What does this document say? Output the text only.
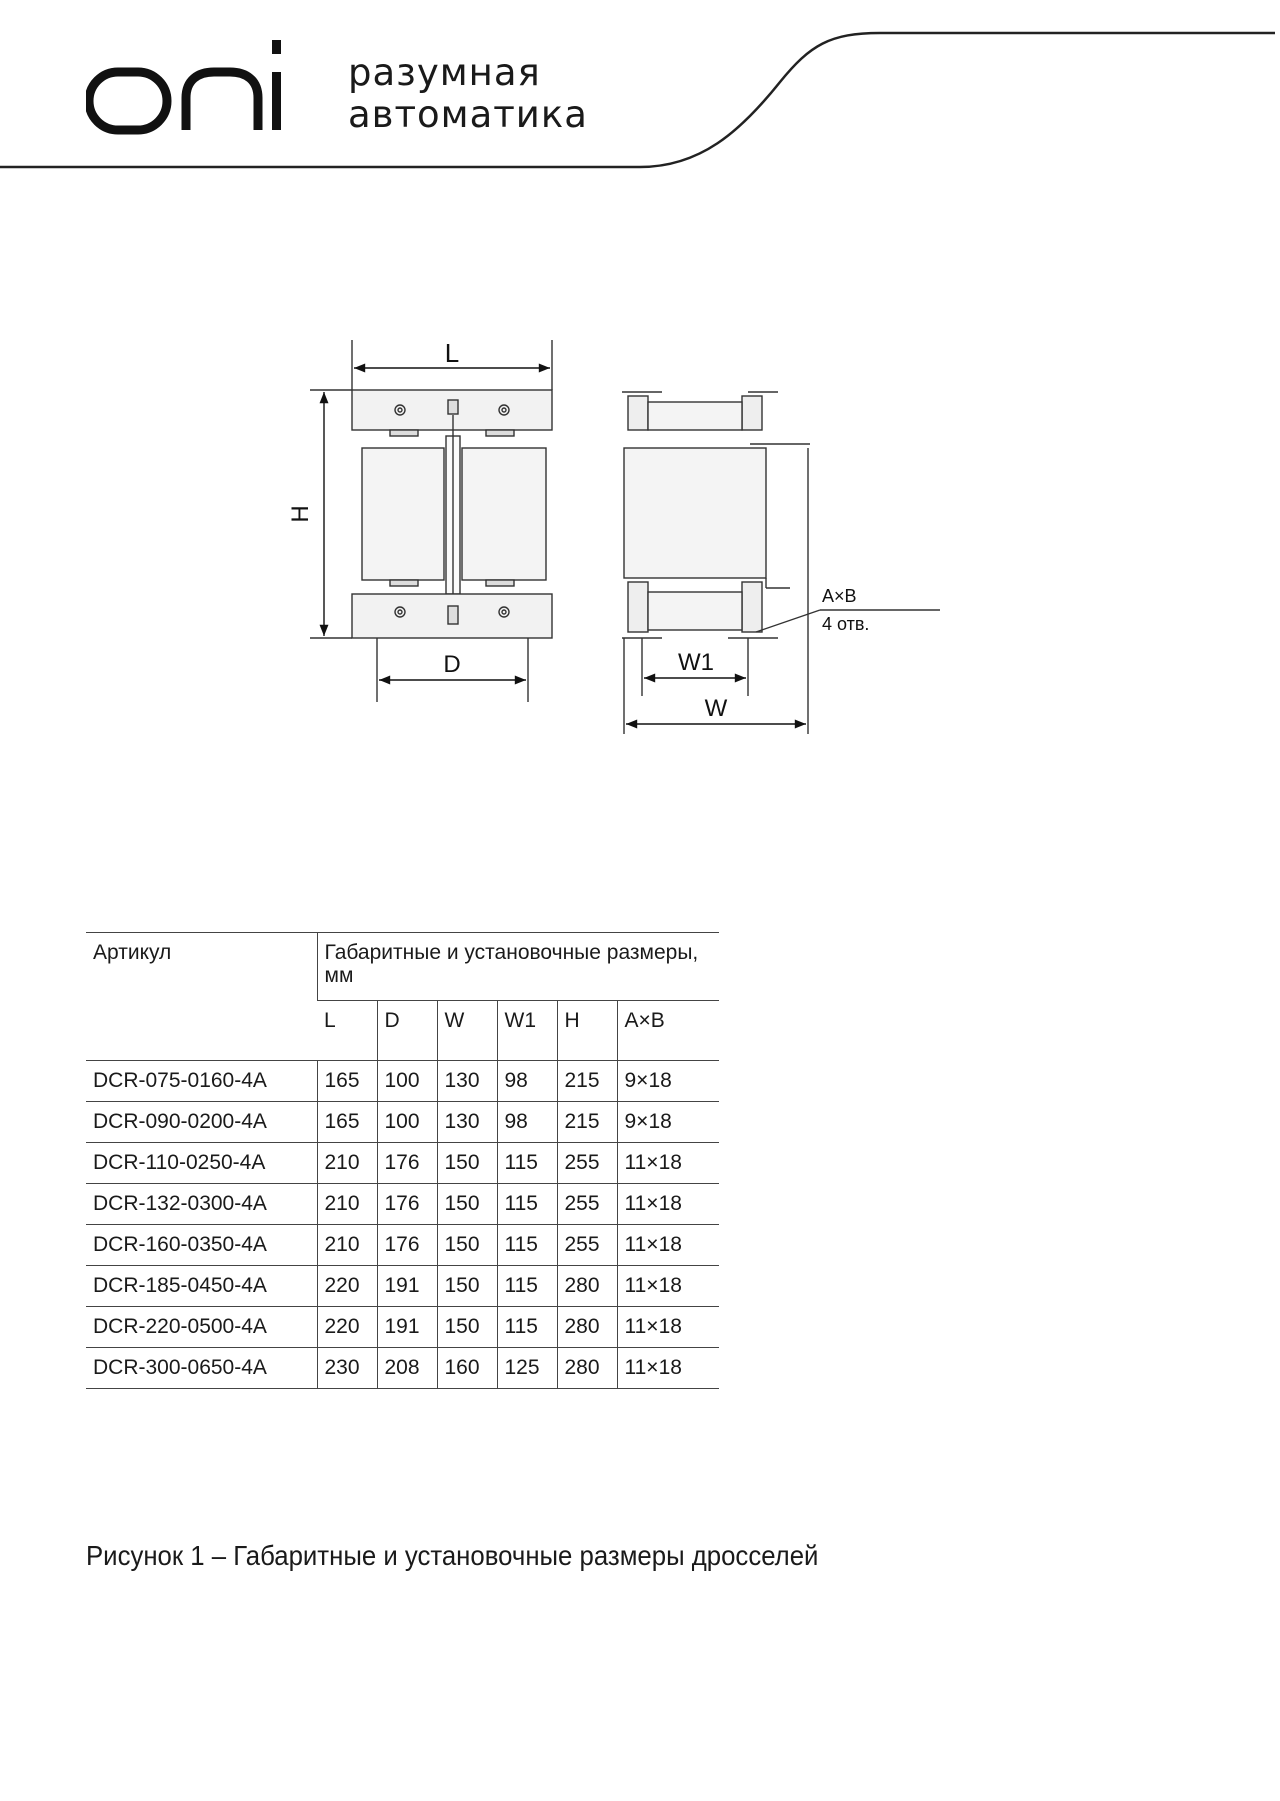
разумная
автоматика
L
H
D	W1
W
A×B
4 отв.
Артикул	Габаритные и установочные размеры, мм					
	L	D	W	W1	H	A×B
DCR-075-0160-4A	165	100	130	98	215	9×18
DCR-090-0200-4A	165	100	130	98	215	9×18
DCR-110-0250-4A	210	176	150	115	255	11×18
DCR-132-0300-4A	210	176	150	115	255	11×18
DCR-160-0350-4A	210	176	150	115	255	11×18
DCR-185-0450-4A	220	191	150	115	280	11×18
DCR-220-0500-4A	220	191	150	115	280	11×18
DCR-300-0650-4A	230	208	160	125	280	11×18
Рисунок 1 – Габаритные и установочные размеры дросселей
